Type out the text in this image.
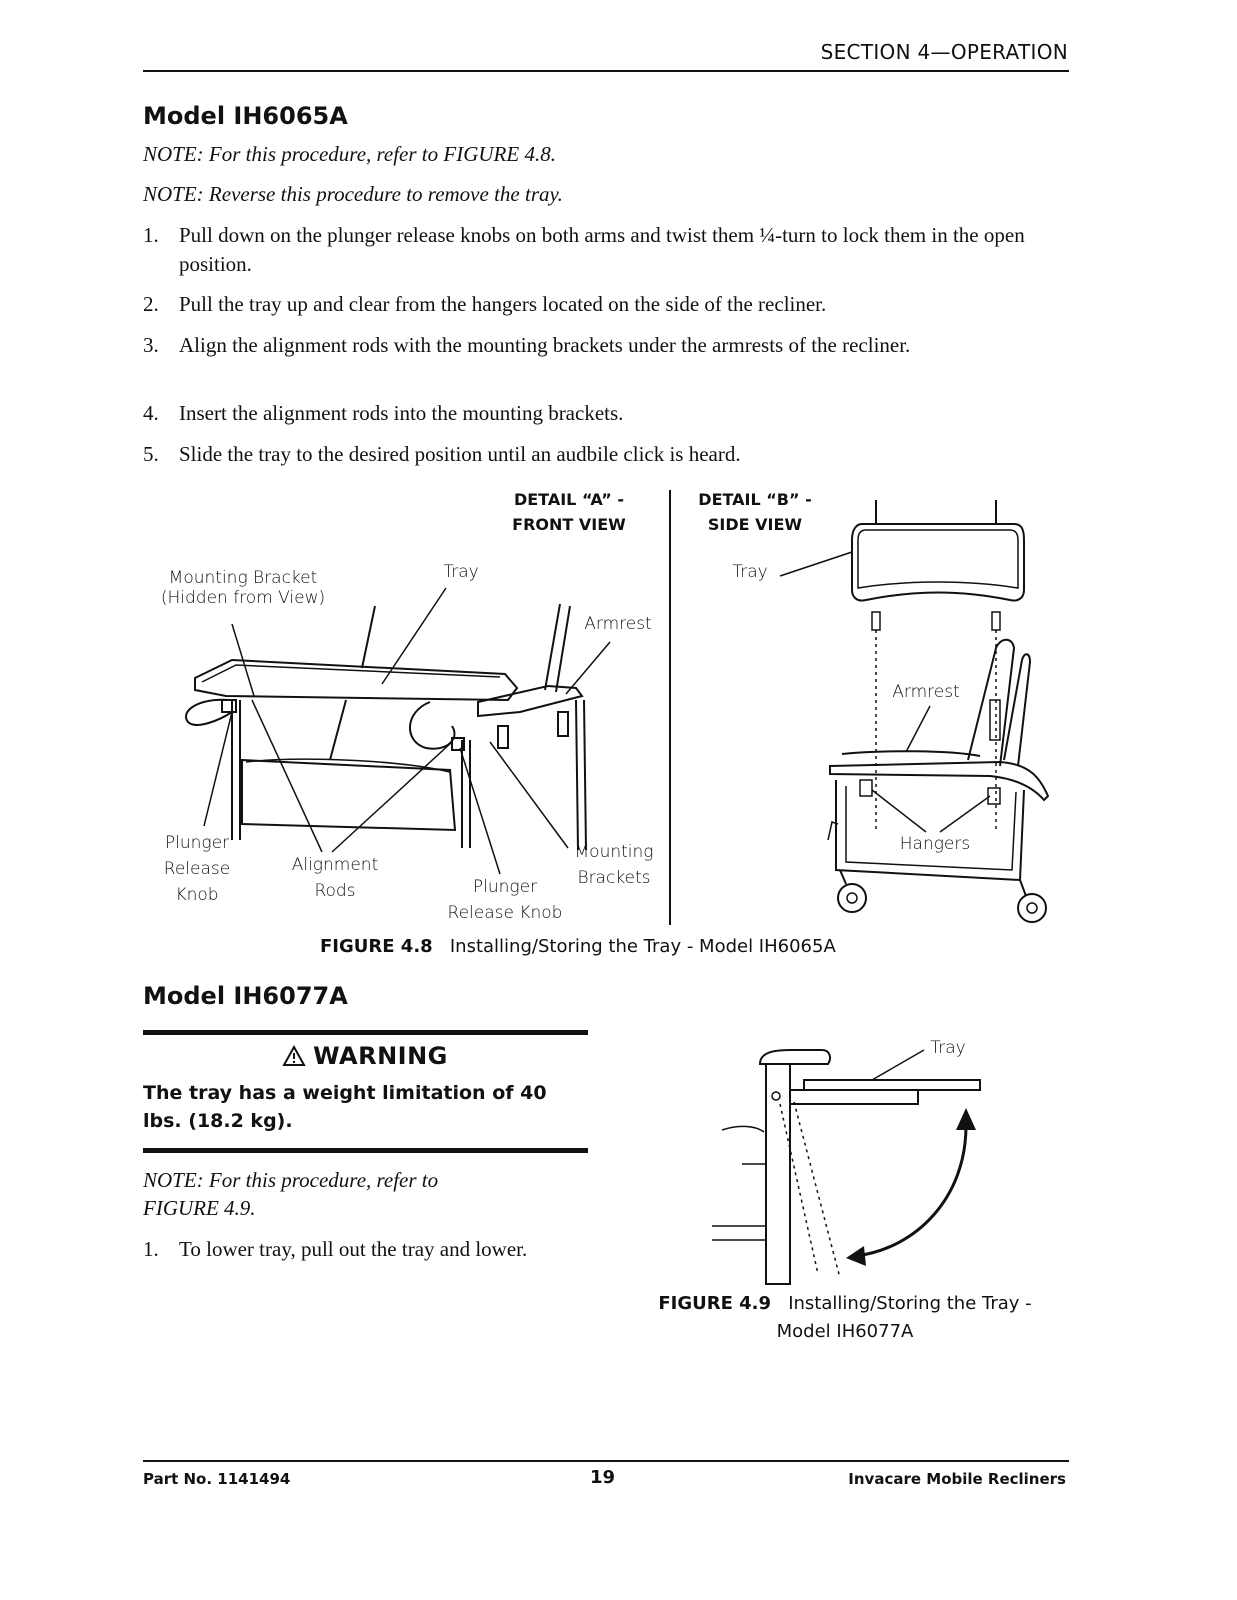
SECTION 4—OPERATION
Model IH6065A
NOTE: For this procedure, refer to FIGURE 4.8.
NOTE: Reverse this procedure to remove the tray.
1. Pull down on the plunger release knobs on both arms and twist them ¼-turn to lock them in the open position.
2. Pull the tray up and clear from the hangers located on the side of the recliner.
3. Align the alignment rods with the mounting brackets under the armrests of the recliner.
4. Insert the alignment rods into the mounting brackets.
5. Slide the tray to the desired position until an audbile click is heard.
DETAIL “A” -
FRONT VIEW
DETAIL “B” -
SIDE VIEW
Mounting Bracket
(Hidden from View)
Tray
Armrest
Plunger
Release
Knob
Alignment
Rods	Plunger
Release Knob
Mounting
Brackets
Tray
Armrest
Hangers
FIGURE 4.8 Installing/Storing the Tray - Model IH6065A
Model IH6077A
WARNING
The tray has a weight limitation of 40 lbs. (18.2 kg).
NOTE: For this procedure, refer to
FIGURE 4.9.
1. To lower tray, pull out the tray and lower.
Tray
FIGURE 4.9 Installing/Storing the Tray -
Model IH6077A
Part No. 1141494	19	Invacare Mobile Recliners
